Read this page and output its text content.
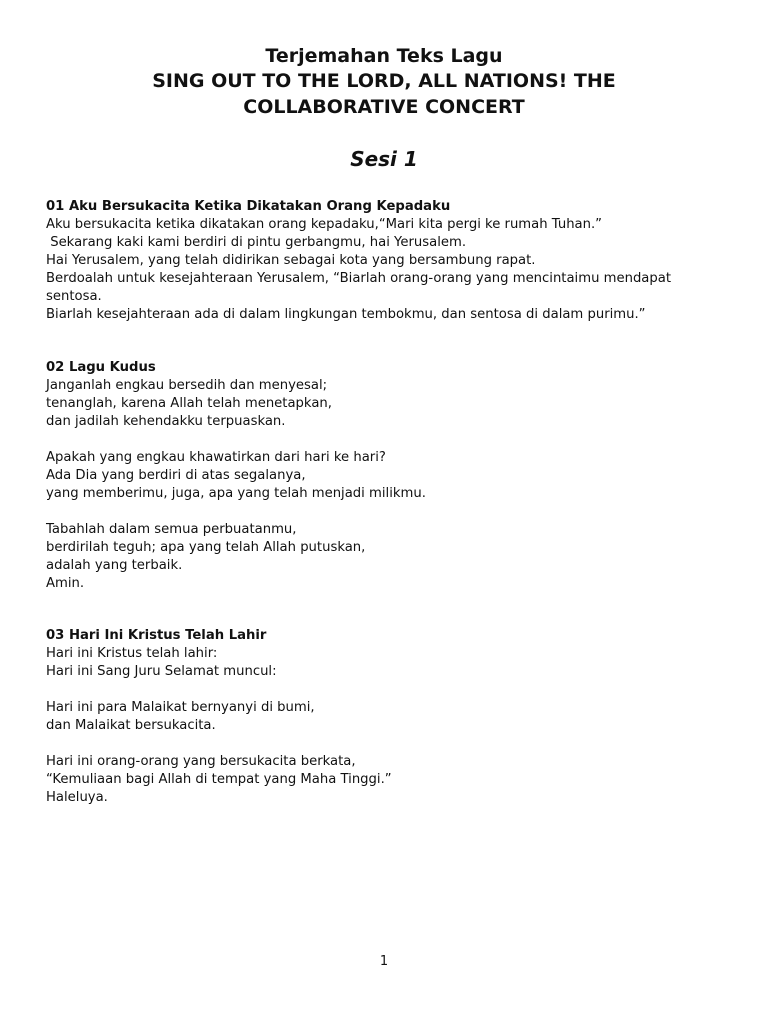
Terjemahan Teks Lagu
SING OUT TO THE LORD, ALL NATIONS! THE
COLLABORATIVE CONCERT
Sesi 1

01 Aku Bersukacita Ketika Dikatakan Orang Kepadaku

Aku bersukacita ketika dikatakan orang kepadaku,“Mari kita pergi ke rumah Tuhan.”
Sekarang kaki kami berdiri di pintu gerbangmu, hai Yerusalem.
Hai Yerusalem, yang telah didirikan sebagai kota yang bersambung rapat.
Berdoalah untuk kesejahteraan Yerusalem, “Biarlah orang-orang yang mencintaimu mendapat
sentosa.
Biarlah kesejahteraan ada di dalam lingkungan tembokmu, dan sentosa di dalam purimu.”

02 Lagu Kudus

Janganlah engkau bersedih dan menyesal;
tenanglah, karena Allah telah menetapkan,
dan jadilah kehendakku terpuaskan.
Apakah yang engkau khawatirkan dari hari ke hari?
Ada Dia yang berdiri di atas segalanya,
yang memberimu, juga, apa yang telah menjadi milikmu.
Tabahlah dalam semua perbuatanmu,
berdirilah teguh; apa yang telah Allah putuskan,
adalah yang terbaik.
Amin.

03 Hari Ini Kristus Telah Lahir

Hari ini Kristus telah lahir:
Hari ini Sang Juru Selamat muncul:
Hari ini para Malaikat bernyanyi di bumi,
dan Malaikat bersukacita.
Hari ini orang-orang yang bersukacita berkata,
“Kemuliaan bagi Allah di tempat yang Maha Tinggi.”
Haleluya.
1
